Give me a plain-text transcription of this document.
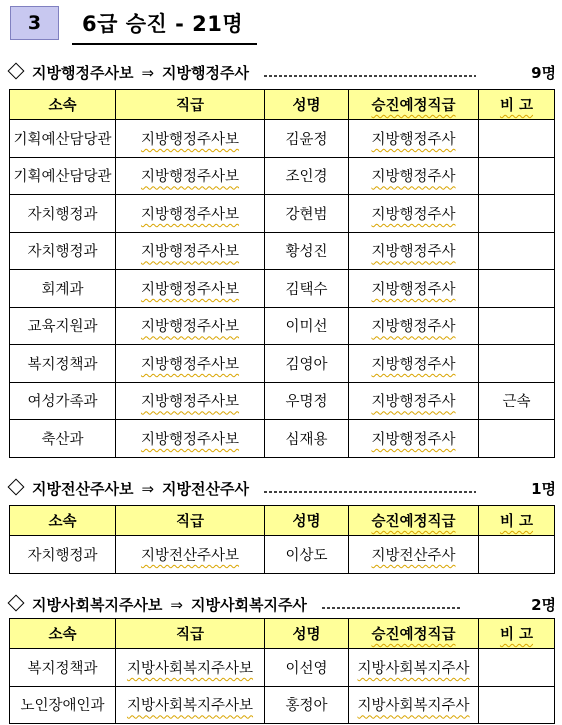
3	6급 승진 - 21명
지방행정주사보 ⇒ 지방행정주사	9명
소속	직급	성명	승진예정직급	비 고
기획예산담당관	지방행정주사보	김윤정	지방행정주사	
기획예산담당관	지방행정주사보	조인경	지방행정주사	
자치행정과	지방행정주사보	강현범	지방행정주사	
자치행정과	지방행정주사보	황성진	지방행정주사	
회계과	지방행정주사보	김택수	지방행정주사	
교육지원과	지방행정주사보	이미선	지방행정주사	
복지정책과	지방행정주사보	김영아	지방행정주사	
여성가족과	지방행정주사보	우명정	지방행정주사	근속
축산과	지방행정주사보	심재용	지방행정주사	
지방전산주사보 ⇒ 지방전산주사	1명
소속	직급	성명	승진예정직급	비 고
자치행정과	지방전산주사보	이상도	지방전산주사	
지방사회복지주사보 ⇒ 지방사회복지주사	2명
소속	직급	성명	승진예정직급	비 고
복지정책과	지방사회복지주사보	이선영	지방사회복지주사	
노인장애인과	지방사회복지주사보	홍정아	지방사회복지주사	
